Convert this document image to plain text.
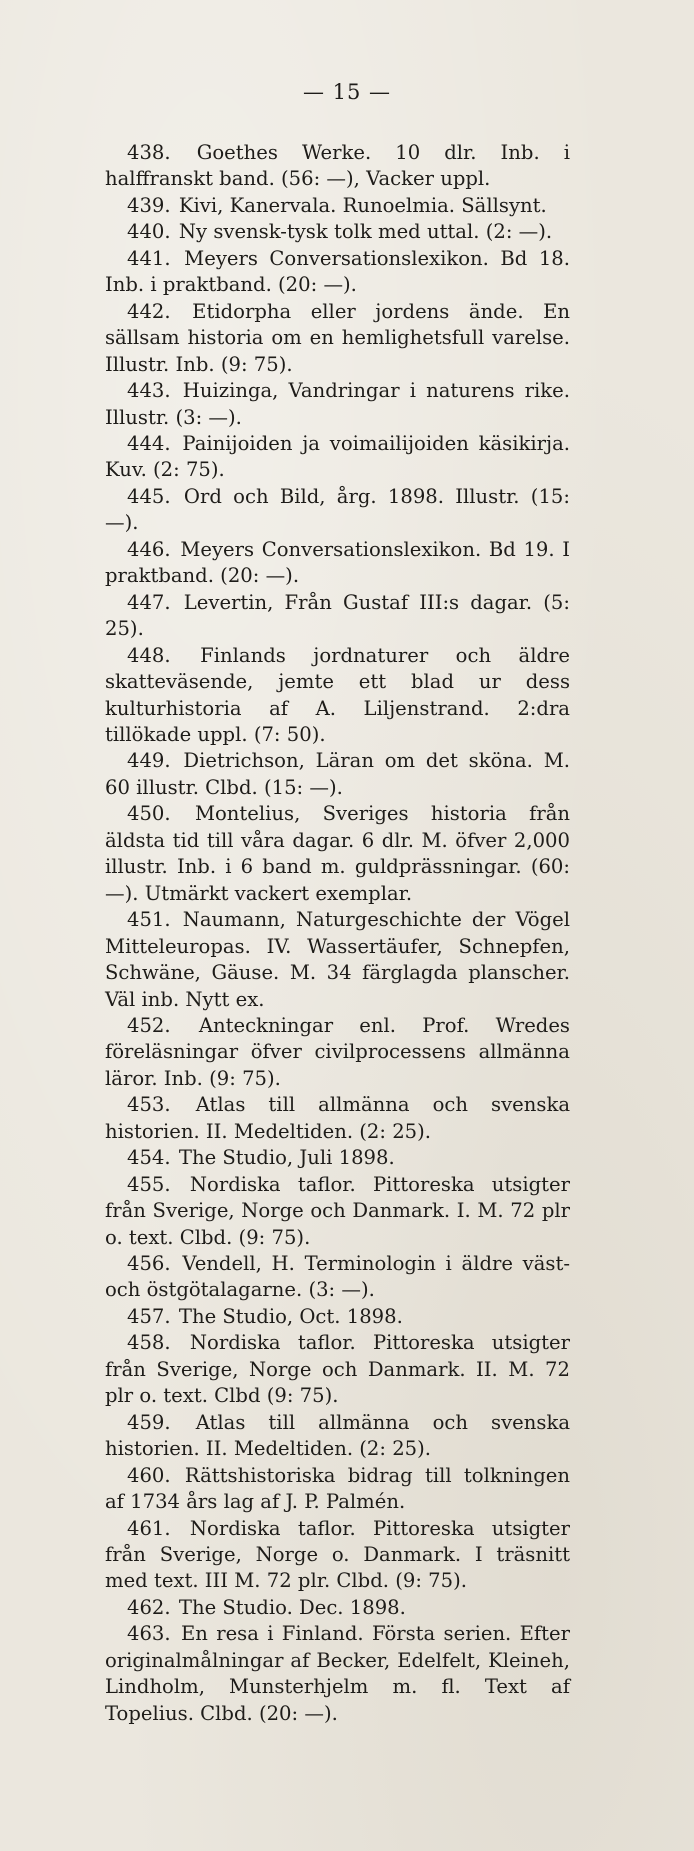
— 15 —

438. Goethes Werke. 10 dlr. Inb. i halffranskt band. (56: —), Vacker uppl.

439. Kivi, Kanervala. Runoelmia. Sällsynt.

440. Ny svensk-tysk tolk med uttal. (2: —).

441. Meyers Conversationslexikon. Bd 18. Inb. i praktband. (20: —).

442. Etidorpha eller jordens ände. En sällsam historia om en hemlighetsfull varelse. Illustr. Inb. (9: 75).

443. Huizinga, Vandringar i naturens rike. Illustr. (3: —).

444. Painijoiden ja voimailijoiden käsikirja. Kuv. (2: 75).

445. Ord och Bild, årg. 1898. Illustr. (15: —).

446. Meyers Conversationslexikon. Bd 19. I praktband. (20: —).

447. Levertin, Från Gustaf III:s dagar. (5: 25).

448. Finlands jordnaturer och äldre skatteväsende, jemte ett blad ur dess kulturhistoria af A. Liljenstrand. 2:dra tillökade uppl. (7: 50).

449. Dietrichson, Läran om det sköna. M. 60 illustr. Clbd. (15: —).

450. Montelius, Sveriges historia från äldsta tid till våra dagar. 6 dlr. M. öfver 2,000 illustr. Inb. i 6 band m. guldprässningar. (60: —). Utmärkt vackert exemplar.

451. Naumann, Naturgeschichte der Vögel Mitteleuropas. IV. Wassertäufer, Schnepfen, Schwäne, Gäuse. M. 34 färglagda planscher. Väl inb. Nytt ex.

452. Anteckningar enl. Prof. Wredes föreläsningar öfver civilprocessens allmänna läror. Inb. (9: 75).

453. Atlas till allmänna och svenska historien. II. Medeltiden. (2: 25).

454. The Studio, Juli 1898.

455. Nordiska taflor. Pittoreska utsigter från Sverige, Norge och Danmark. I. M. 72 plr o. text. Clbd. (9: 75).

456. Vendell, H. Terminologin i äldre väst- och östgötalagarne. (3: —).

457. The Studio, Oct. 1898.

458. Nordiska taflor. Pittoreska utsigter från Sverige, Norge och Danmark. II. M. 72 plr o. text. Clbd (9: 75).

459. Atlas till allmänna och svenska historien. II. Medeltiden. (2: 25).

460. Rättshistoriska bidrag till tolkningen af 1734 års lag af J. P. Palmén.

461. Nordiska taflor. Pittoreska utsigter från Sverige, Norge o. Danmark. I träsnitt med text. III M. 72 plr. Clbd. (9: 75).

462. The Studio. Dec. 1898.

463. En resa i Finland. Första serien. Efter originalmålningar af Becker, Edelfelt, Kleineh, Lindholm, Munsterhjelm m. fl. Text af Topelius. Clbd. (20: —).
